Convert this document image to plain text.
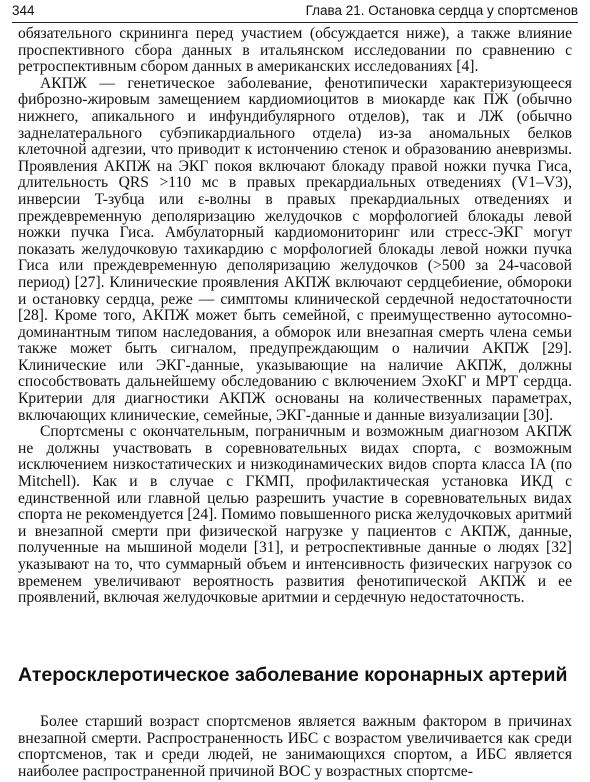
344	Глава 21. Остановка сердца у спортсменов

обязательного скрининга перед участием (обсуждается ниже), а также влияние проспективного сбора данных в итальянском исследовании по сравнению с ретроспективным сбором данных в американских исследованиях [4].

АКПЖ — генетическое заболевание, фенотипически характеризующееся фиброзно-жировым замещением кардиомиоцитов в миокарде как ПЖ (обычно нижнего, апикального и инфундибулярного отделов), так и ЛЖ (обычно заднелатерального субэпикардиального отдела) из-за аномальных белков клеточной адгезии, что приводит к истончению стенок и образованию аневризмы. Проявления АКПЖ на ЭКГ покоя включают блокаду правой ножки пучка Гиса, длительность QRS >110 мс в правых прекардиальных отведениях (V1–V3), инверсии T-зубца или ε-волны в правых прекардиальных отведениях и преждевременную деполяризацию желудочков с морфологией блокады левой ножки пучка Гиса. Амбулаторный кардиомониторинг или стресс-ЭКГ могут показать желудочковую тахикардию с морфологией блокады левой ножки пучка Гиса или преждевременную деполяризацию желудочков (>500 за 24-часовой период) [27]. Клинические проявления АКПЖ включают сердцебиение, обмороки и остановку сердца, реже — симптомы клинической сердечной недостаточности [28]. Кроме того, АКПЖ может быть семейной, с преимущественно аутосомно-доминантным типом наследования, а обморок или внезапная смерть члена семьи также может быть сигналом, предупреждающим о наличии АКПЖ [29]. Клинические или ЭКГ-данные, указывающие на наличие АКПЖ, должны способствовать дальнейшему обследованию с включением ЭхоКГ и МРТ сердца. Критерии для диагностики АКПЖ основаны на количественных параметрах, включающих клинические, семейные, ЭКГ-данные и данные визуализации [30].

Спортсмены с окончательным, пограничным и возможным диагнозом АКПЖ не должны участвовать в соревновательных видах спорта, с возможным исключением низкостатических и низкодинамических видов спорта класса IA (по Mitchell). Как и в случае с ГКМП, профилактическая установка ИКД с единственной или главной целью разрешить участие в соревновательных видах спорта не рекомендуется [24]. Помимо повышенного риска желудочковых аритмий и внезапной смерти при физической нагрузке у пациентов с АКПЖ, данные, полученные на мышиной модели [31], и ретроспективные данные о людях [32] указывают на то, что суммарный объем и интенсивность физических нагрузок со временем увеличивают вероятность развития фенотипической АКПЖ и ее проявлений, включая желудочковые аритмии и сердечную недостаточность.

Атеросклеротическое заболевание коронарных артерий

Более старший возраст спортсменов является важным фактором в причинах внезапной смерти. Распространенность ИБС с возрастом увеличивается как среди спортсменов, так и среди людей, не занимающихся спортом, а ИБС является наиболее распространенной причиной ВОС у возрастных спортсме-
